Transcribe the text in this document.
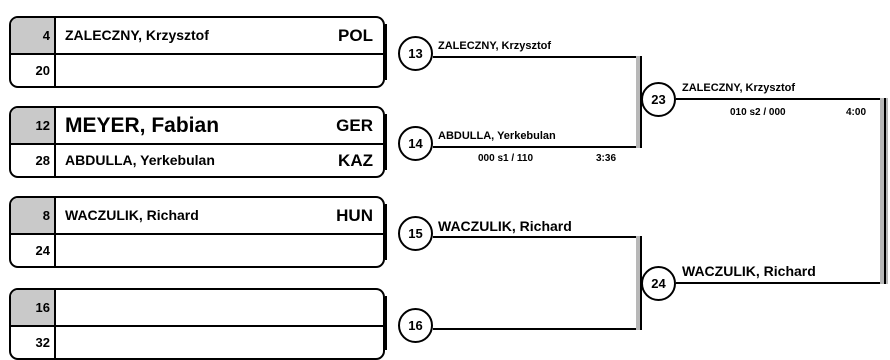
4 ZALECZNY, Krzysztof	POL
20
12 MEYER, Fabian	GER
28 ABDULLA, Yerkebulan	KAZ
8 WACZULIK, Richard	HUN
24
16
32
13
14
15
16
ZALECZNY, Krzysztof
ABDULLA, Yerkebulan
000 s1 / 110	3:36
WACZULIK, Richard
23
24
ZALECZNY, Krzysztof
010 s2 / 000	4:00
WACZULIK, Richard
